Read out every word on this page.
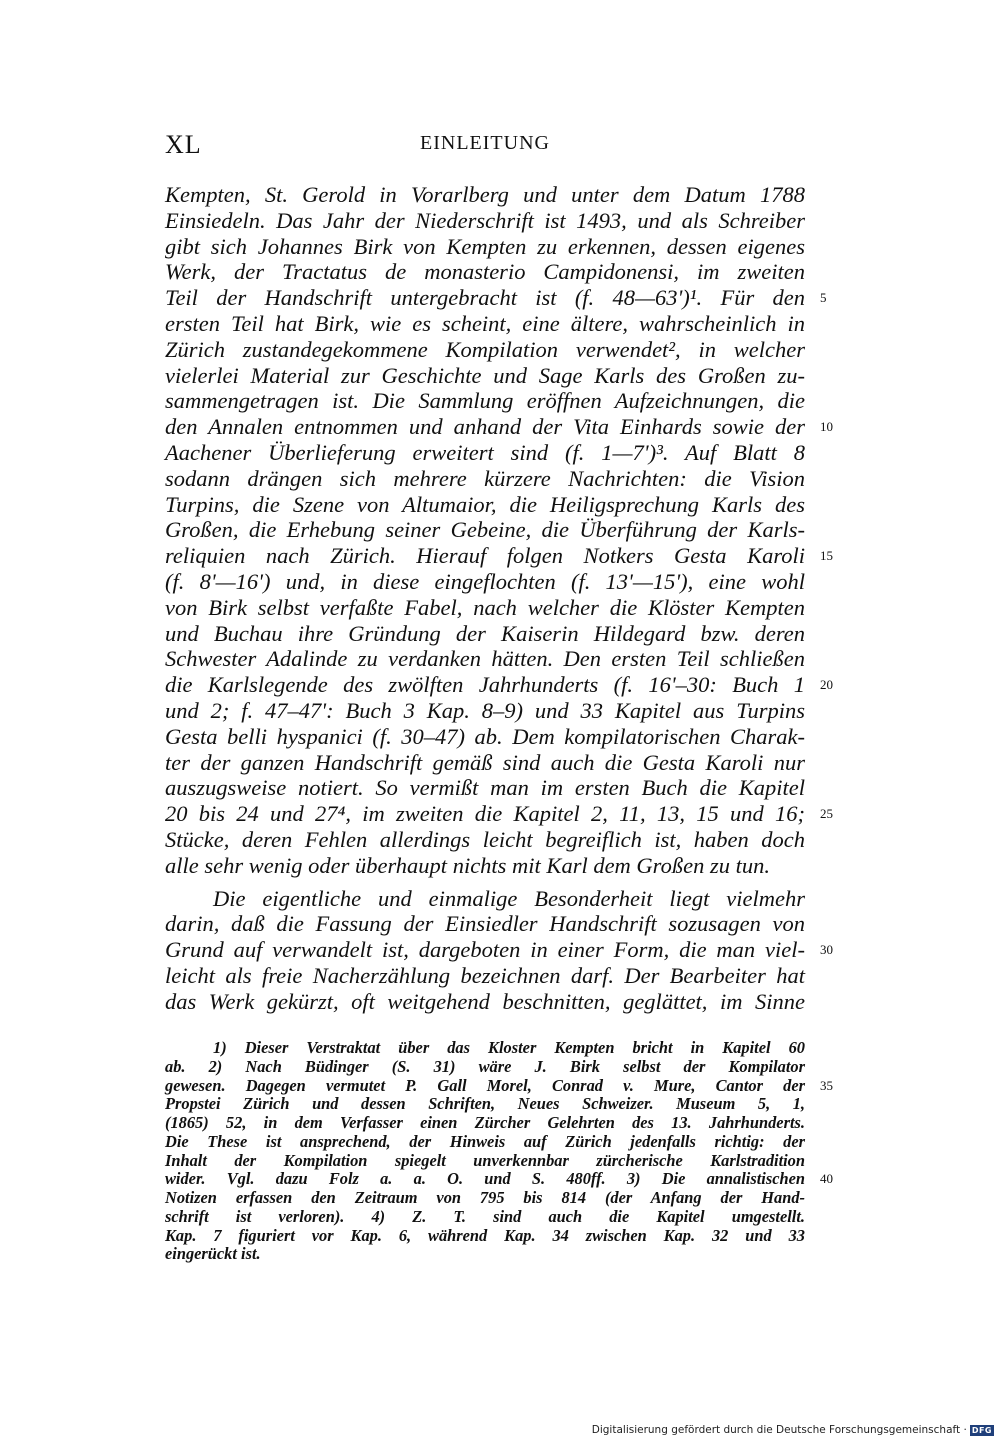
XL	EINLEITUNG
Kempten, St. Gerold in Vorarlberg und unter dem Datum 1788
Einsiedeln. Das Jahr der Niederschrift ist 1493, und als Schreiber
gibt sich Johannes Birk von Kempten zu erkennen, dessen eigenes
Werk, der Tractatus de monasterio Campidonensi, im zweiten
Teil der Handschrift untergebracht ist (f. 48—63')¹. Für den 5
ersten Teil hat Birk, wie es scheint, eine ältere, wahrscheinlich in
Zürich zustandegekommene Kompilation verwendet², in welcher
vielerlei Material zur Geschichte und Sage Karls des Großen zu-
sammengetragen ist. Die Sammlung eröffnen Aufzeichnungen, die
den Annalen entnommen und anhand der Vita Einhards sowie der 10
Aachener Überlieferung erweitert sind (f. 1—7')³. Auf Blatt 8
sodann drängen sich mehrere kürzere Nachrichten: die Vision
Turpins, die Szene von Altumaior, die Heiligsprechung Karls des
Großen, die Erhebung seiner Gebeine, die Überführung der Karls-
reliquien nach Zürich. Hierauf folgen Notkers Gesta Karoli 15
(f. 8'—16') und, in diese eingeflochten (f. 13'—15'), eine wohl
von Birk selbst verfaßte Fabel, nach welcher die Klöster Kempten
und Buchau ihre Gründung der Kaiserin Hildegard bzw. deren
Schwester Adalinde zu verdanken hätten. Den ersten Teil schließen
die Karlslegende des zwölften Jahrhunderts (f. 16'–30: Buch 1 20
und 2; f. 47–47': Buch 3 Kap. 8–9) und 33 Kapitel aus Turpins
Gesta belli hyspanici (f. 30–47) ab. Dem kompilatorischen Charak-
ter der ganzen Handschrift gemäß sind auch die Gesta Karoli nur
auszugsweise notiert. So vermißt man im ersten Buch die Kapitel
20 bis 24 und 27⁴, im zweiten die Kapitel 2, 11, 13, 15 und 16; 25
Stücke, deren Fehlen allerdings leicht begreiflich ist, haben doch
alle sehr wenig oder überhaupt nichts mit Karl dem Großen zu tun.
Die eigentliche und einmalige Besonderheit liegt vielmehr
darin, daß die Fassung der Einsiedler Handschrift sozusagen von
Grund auf verwandelt ist, dargeboten in einer Form, die man viel- 30
leicht als freie Nacherzählung bezeichnen darf. Der Bearbeiter hat
das Werk gekürzt, oft weitgehend beschnitten, geglättet, im Sinne
1) Dieser Verstraktat über das Kloster Kempten bricht in Kapitel 60
ab. 2) Nach Büdinger (S. 31) wäre J. Birk selbst der Kompilator
gewesen. Dagegen vermutet P. Gall Morel, Conrad v. Mure, Cantor der 35
Propstei Zürich und dessen Schriften, Neues Schweizer. Museum 5, 1,
(1865) 52, in dem Verfasser einen Zürcher Gelehrten des 13. Jahrhunderts.
Die These ist ansprechend, der Hinweis auf Zürich jedenfalls richtig: der
Inhalt der Kompilation spiegelt unverkennbar zürcherische Karlstradition
wider. Vgl. dazu Folz a. a. O. und S. 480ff. 3) Die annalistischen 40
Notizen erfassen den Zeitraum von 795 bis 814 (der Anfang der Hand-
schrift ist verloren). 4) Z. T. sind auch die Kapitel umgestellt.
Kap. 7 figuriert vor Kap. 6, während Kap. 34 zwischen Kap. 32 und 33
eingerückt ist.
Digitalisierung gefördert durch die Deutsche Forschungsgemeinschaft · DFG
